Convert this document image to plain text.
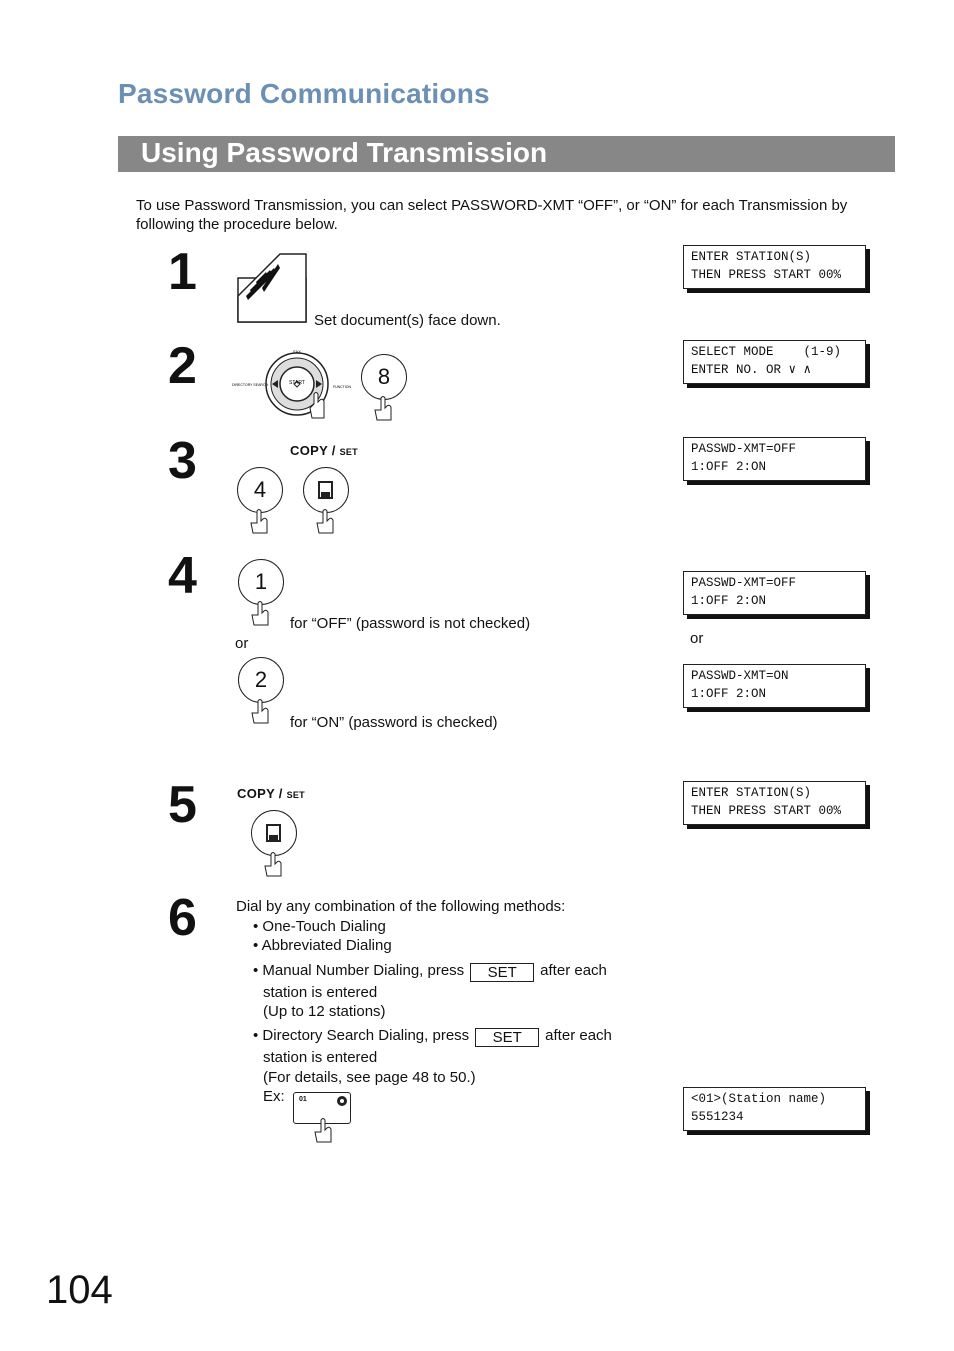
Password Communications
Using Password Transmission
To use Password Transmission, you can select PASSWORD-XMT “OFF”, or “ON” for each Transmission by following the procedure below.
1
Set document(s) face down.
ENTER STATION(S)
THEN PRESS START 00%
2	START
FAX
DIRECTORY SEARCH	FUNCTION	8
SELECT MODE    (1-9)
ENTER NO. OR ∨ ∧
3	COPY / SET
4
PASSWD-XMT=OFF
1:OFF 2:ON
4	1
for “OFF” (password is not checked)
or
2
for “ON” (password is checked)
PASSWD-XMT=OFF
1:OFF 2:ON
or
PASSWD-XMT=ON
1:OFF 2:ON
5	COPY / SET	ENTER STATION(S)
THEN PRESS START 00%
6	Dial by any combination of the following methods:
• One-Touch Dialing
• Abbreviated Dialing
• Manual Number Dialing, press SET after each
station is entered
(Up to 12 stations)
• Directory Search Dialing, press SET after each
station is entered
(For details, see page 48 to 50.)
Ex: 01	<01>(Station name)
5551234
104
